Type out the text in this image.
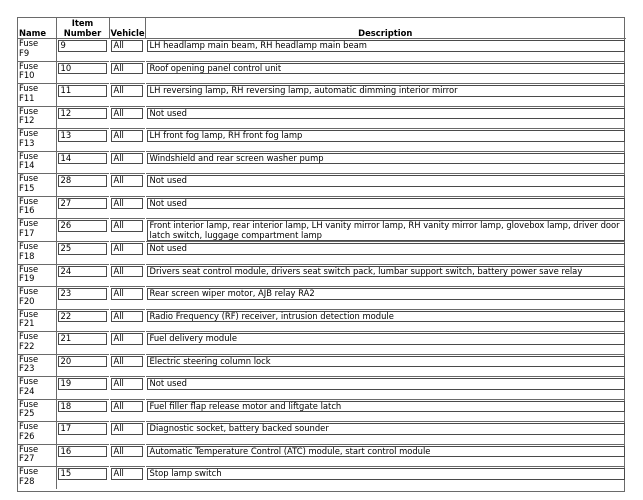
Name	Item
Number	Vehicle	Description

Fuse
F9	9	All	LH headlamp main beam, RH headlamp main beam

Fuse
F10	10	All	Roof opening panel control unit

Fuse
F11	11	All	LH reversing lamp, RH reversing lamp, automatic dimming interior mirror

Fuse
F12	12	All	Not used

Fuse
F13	13	All	LH front fog lamp, RH front fog lamp

Fuse
F14	14	All	Windshield and rear screen washer pump

Fuse
F15	28	All	Not used

Fuse
F16	27	All	Not used

Fuse
F17	26	All	Front interior lamp, rear interior lamp, LH vanity mirror lamp, RH vanity mirror lamp, glovebox lamp, driver door latch switch, luggage compartment lamp

Fuse
F18	25	All	Not used

Fuse
F19	24	All	Drivers seat control module, drivers seat switch pack, lumbar support switch, battery power save relay

Fuse
F20	23	All	Rear screen wiper motor, AJB relay RA2

Fuse
F21	22	All	Radio Frequency (RF) receiver, intrusion detection module

Fuse
F22	21	All	Fuel delivery module

Fuse
F23	20	All	Electric steering column lock

Fuse
F24	19	All	Not used

Fuse
F25	18	All	Fuel filler flap release motor and liftgate latch

Fuse
F26	17	All	Diagnostic socket, battery backed sounder

Fuse
F27	16	All	Automatic Temperature Control (ATC) module, start control module

Fuse
F28	15	All	Stop lamp switch
